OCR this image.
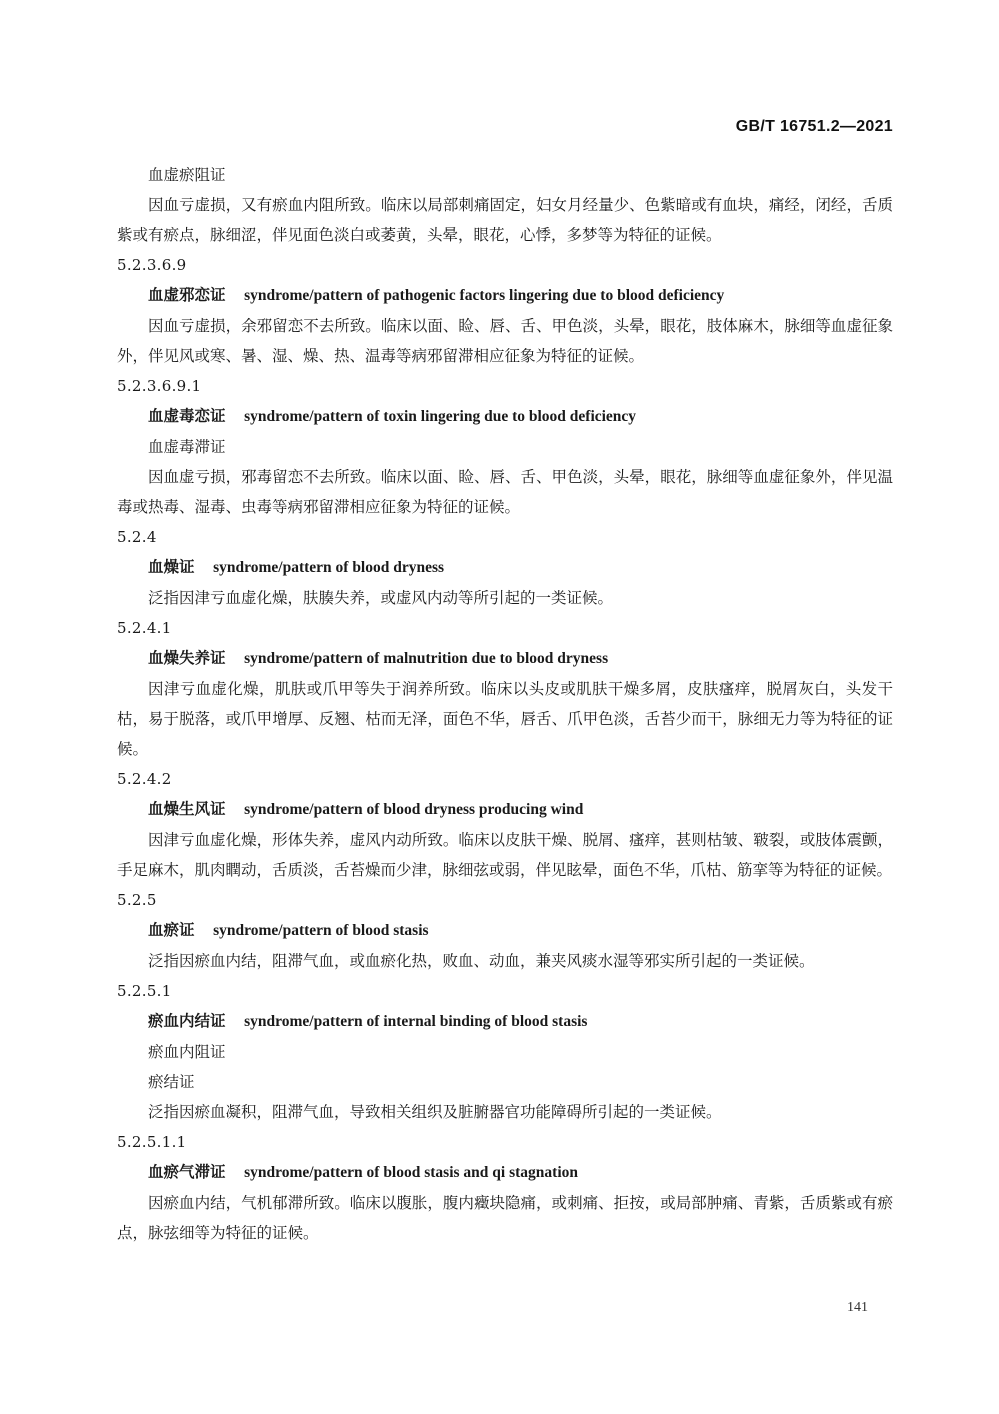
GB/T 16751.2—2021

血虚瘀阻证

因血亏虚损，又有瘀血内阻所致。临床以局部刺痛固定，妇女月经量少、色紫暗或有血块，痛经，闭经，舌质紫或有瘀点，脉细涩，伴见面色淡白或萎黄，头晕，眼花，心悸，多梦等为特征的证候。

5.2.3.6.9

血虚邪恋证 syndrome/pattern of pathogenic factors lingering due to blood deficiency

因血亏虚损，余邪留恋不去所致。临床以面、睑、唇、舌、甲色淡，头晕，眼花，肢体麻木，脉细等血虚征象外，伴见风或寒、暑、湿、燥、热、温毒等病邪留滞相应征象为特征的证候。

5.2.3.6.9.1

血虚毒恋证 syndrome/pattern of toxin lingering due to blood deficiency

血虚毒滞证

因血虚亏损，邪毒留恋不去所致。临床以面、睑、唇、舌、甲色淡，头晕，眼花，脉细等血虚征象外，伴见温毒或热毒、湿毒、虫毒等病邪留滞相应征象为特征的证候。

5.2.4

血燥证 syndrome/pattern of blood dryness

泛指因津亏血虚化燥，肤腠失养，或虚风内动等所引起的一类证候。

5.2.4.1

血燥失养证 syndrome/pattern of malnutrition due to blood dryness

因津亏血虚化燥，肌肤或爪甲等失于润养所致。临床以头皮或肌肤干燥多屑，皮肤瘙痒，脱屑灰白，头发干枯，易于脱落，或爪甲增厚、反翘、枯而无泽，面色不华，唇舌、爪甲色淡，舌苔少而干，脉细无力等为特征的证候。

5.2.4.2

血燥生风证 syndrome/pattern of blood dryness producing wind

因津亏血虚化燥，形体失养，虚风内动所致。临床以皮肤干燥、脱屑、瘙痒，甚则枯皱、皲裂，或肢体震颤，手足麻木，肌肉瞤动，舌质淡，舌苔燥而少津，脉细弦或弱，伴见眩晕，面色不华，爪枯、筋挛等为特征的证候。

5.2.5

血瘀证 syndrome/pattern of blood stasis

泛指因瘀血内结，阻滞气血，或血瘀化热，败血、动血，兼夹风痰水湿等邪实所引起的一类证候。

5.2.5.1

瘀血内结证 syndrome/pattern of internal binding of blood stasis

瘀血内阻证

瘀结证

泛指因瘀血凝积，阻滞气血，导致相关组织及脏腑器官功能障碍所引起的一类证候。

5.2.5.1.1

血瘀气滞证 syndrome/pattern of blood stasis and qi stagnation

因瘀血内结，气机郁滞所致。临床以腹胀，腹内癥块隐痛，或刺痛、拒按，或局部肿痛、青紫，舌质紫或有瘀点，脉弦细等为特征的证候。

141
